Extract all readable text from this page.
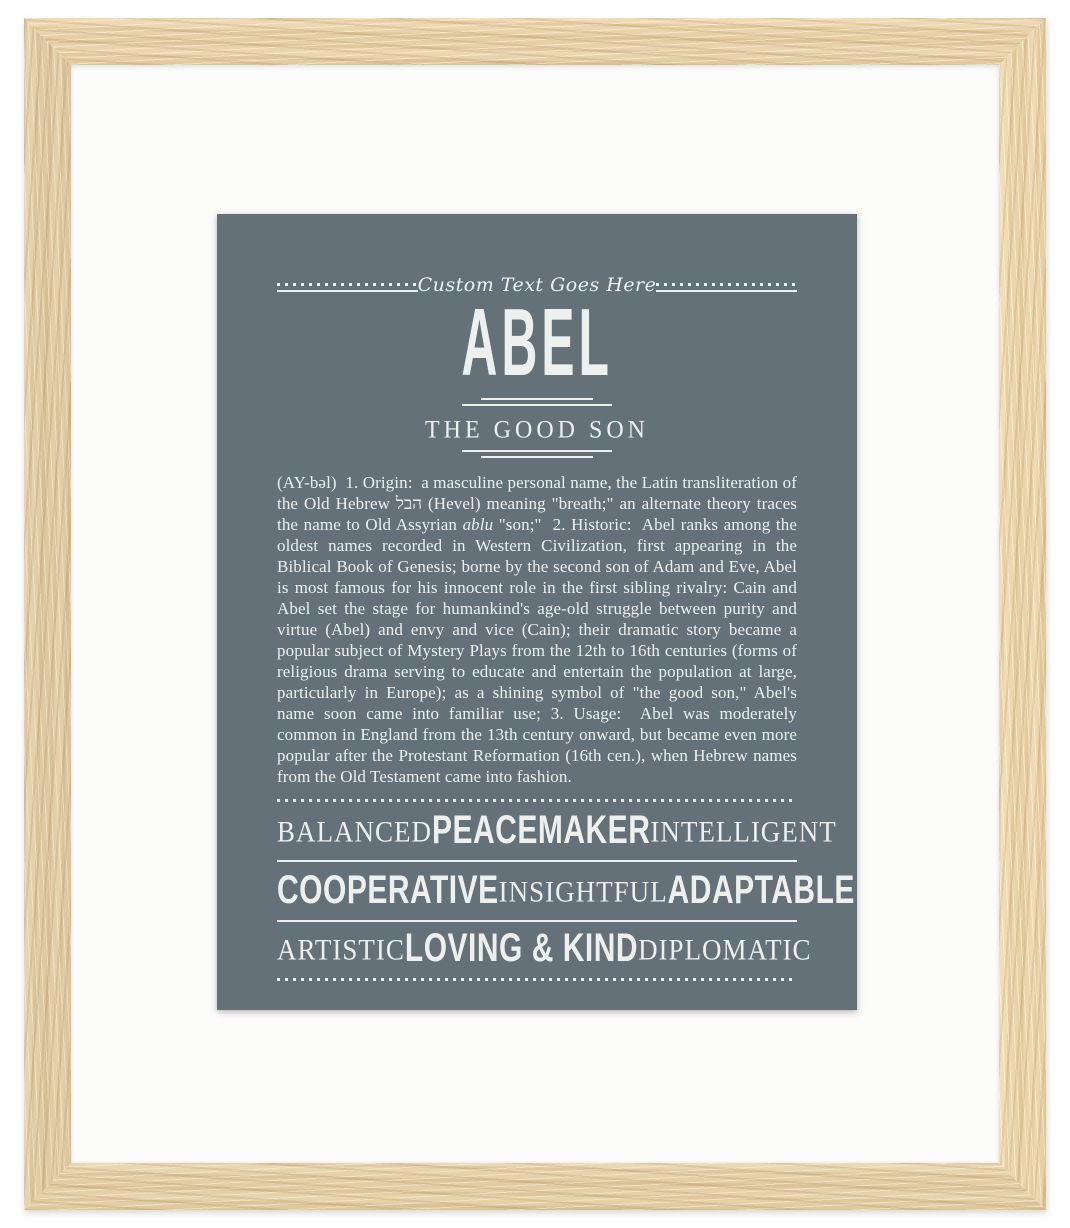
Custom Text Goes Here
ABEL
THE GOOD SON
(AY-bəl)  1. Origin:  a masculine personal name, the Latin transliteration of the Old Hebrew הבל (Hevel) meaning "breath;" an alternate theory traces the name to Old Assyrian ablu "son;"  2. Historic:  Abel ranks among the oldest names recorded in Western Civilization, first appearing in the Biblical Book of Genesis; borne by the second son of Adam and Eve, Abel is most famous for his innocent role in the first sibling rivalry: Cain and Abel set the stage for humankind's age-old struggle between purity and virtue (Abel) and envy and vice (Cain); their dramatic story became a popular subject of Mystery Plays from the 12th to 16th centuries (forms of religious drama serving to educate and entertain the population at large, particularly in Europe); as a shining symbol of "the good son," Abel's name soon came into familiar use; 3. Usage:  Abel was moderately common in England from the 13th century onward, but became even more popular after the Protestant Reformation (16th cen.), when Hebrew names from the Old Testament came into fashion.
BALANCED PEACEMAKER INTELLIGENT
COOPERATIVE INSIGHTFUL ADAPTABLE
ARTISTIC LOVING & KIND DIPLOMATIC
